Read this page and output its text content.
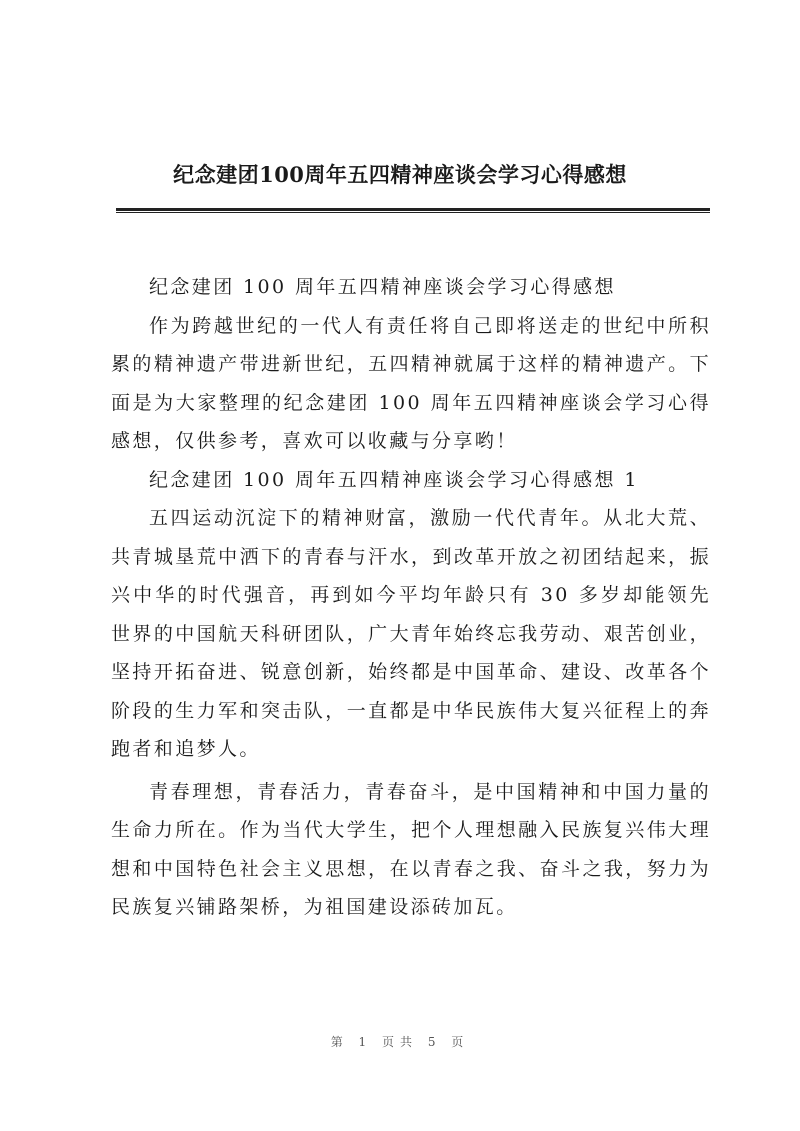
纪念建团100周年五四精神座谈会学习心得感想

纪念建团 100 周年五四精神座谈会学习心得感想

作为跨越世纪的一代人有责任将自己即将送走的世纪中所积累的精神遗产带进新世纪，五四精神就属于这样的精神遗产。下面是为大家整理的纪念建团 100 周年五四精神座谈会学习心得感想，仅供参考，喜欢可以收藏与分享哟！

纪念建团 100 周年五四精神座谈会学习心得感想 1

五四运动沉淀下的精神财富，激励一代代青年。从北大荒、共青城垦荒中洒下的青春与汗水，到改革开放之初团结起来，振兴中华的时代强音，再到如今平均年龄只有 30 多岁却能领先世界的中国航天科研团队，广大青年始终忘我劳动、艰苦创业，坚持开拓奋进、锐意创新，始终都是中国革命、建设、改革各个阶段的生力军和突击队，一直都是中华民族伟大复兴征程上的奔跑者和追梦人。

青春理想，青春活力，青春奋斗，是中国精神和中国力量的生命力所在。作为当代大学生，把个人理想融入民族复兴伟大理想和中国特色社会主义思想，在以青春之我、奋斗之我，努力为民族复兴铺路架桥，为祖国建设添砖加瓦。

第 1 页共 5 页
